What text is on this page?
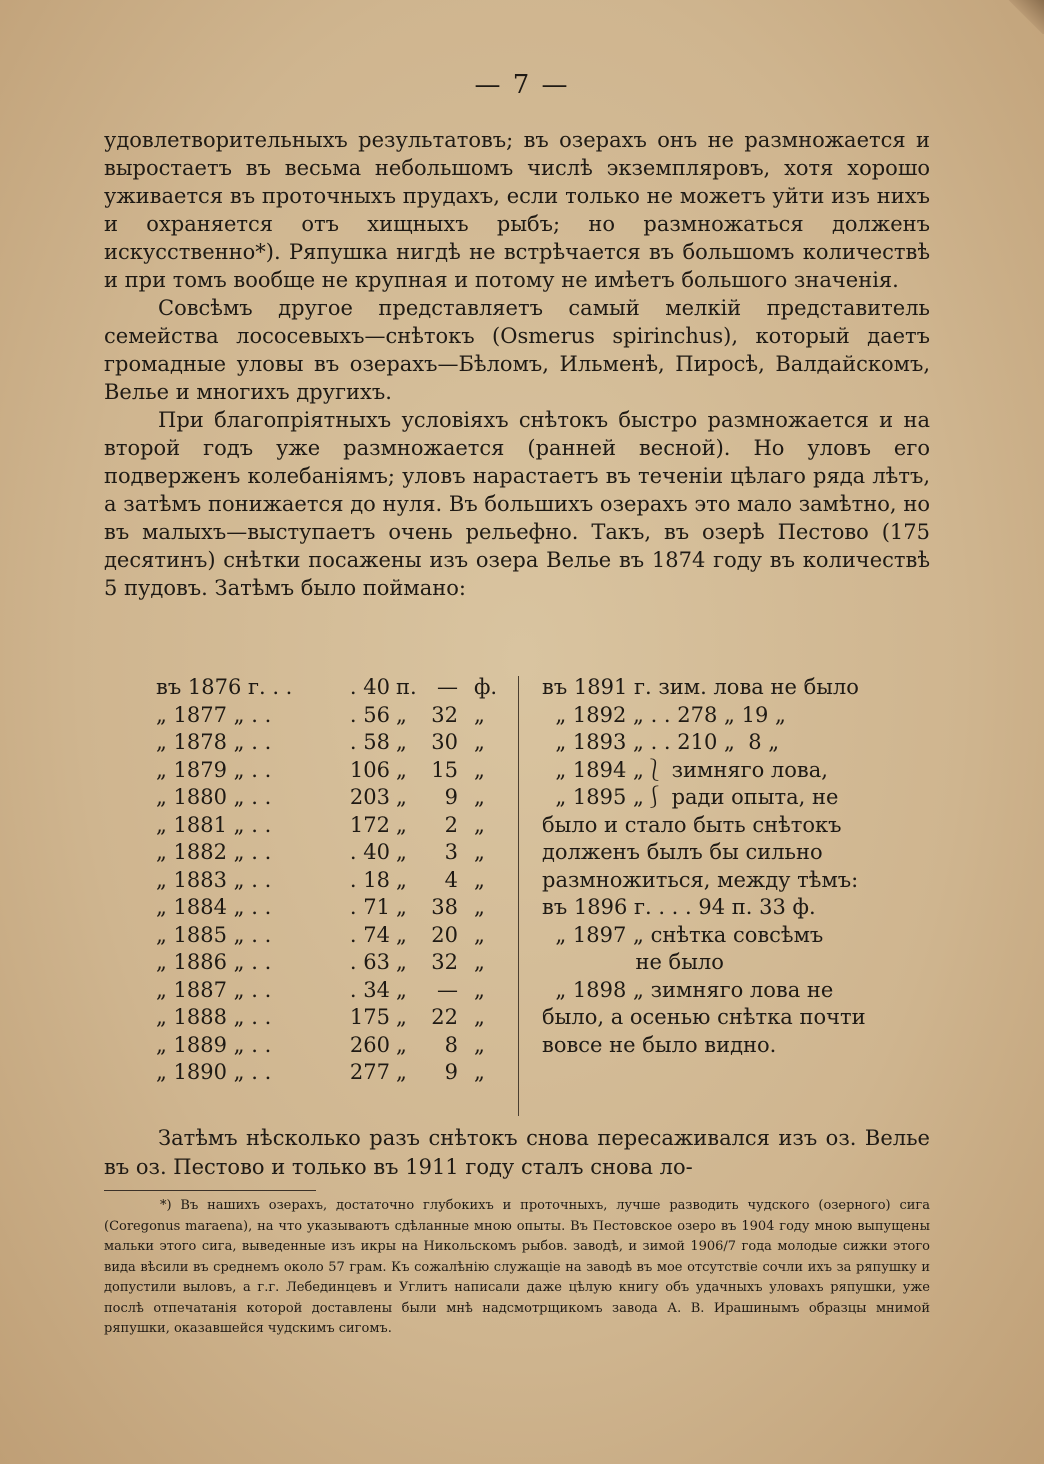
— 7 —

удовлетворительныхъ результатовъ; въ озерахъ онъ не размножается и выростаетъ въ весьма небольшомъ числѣ экземпляровъ, хотя хорошо уживается въ проточныхъ прудахъ, если только не можетъ уйти изъ нихъ и охраняется отъ хищныхъ рыбъ; но размножаться долженъ искусственно*). Ряпушка нигдѣ не встрѣчается въ большомъ количествѣ и при томъ вообще не крупная и потому не имѣетъ большого значенія.

Совсѣмъ другое представляетъ самый мелкій представитель семейства лососевыхъ—снѣтокъ (Osmerus spirinchus), который даетъ громадные уловы въ озерахъ—Бѣломъ, Ильменѣ, Пиросѣ, Валдайскомъ, Велье и многихъ другихъ.

При благопріятныхъ условіяхъ снѣтокъ быстро размножается и на второй годъ уже размножается (ранней весной). Но уловъ его подверженъ колебаніямъ; уловъ нарастаетъ въ теченіи цѣлаго ряда лѣтъ, а затѣмъ понижается до нуля. Въ большихъ озерахъ это мало замѣтно, но въ малыхъ—выступаетъ очень рельефно. Такъ, въ озерѣ Пестово (175 десятинъ) снѣтки посажены изъ озера Велье въ 1874 году въ количествѣ 5 пудовъ. Затѣмъ было поймано:

въ 1876 г. . .	. 40 п. — ф.
„ 1877 „ . .	. 56 „	32 „
„ 1878 „ . .	. 58 „	30 „
„ 1879 „ . .	106 „	15 „
„ 1880 „ . .	203 „	9 „
„ 1881 „ . .	172 „	2 „
„ 1882 „ . .	. 40 „	3 „
„ 1883 „ . .	. 18 „	4 „
„ 1884 „ . .	. 71 „	38 „
„ 1885 „ . .	. 74 „	20 „
„ 1886 „ . .	. 63 „	32 „
„ 1887 „ . .	. 34 „	— „
„ 1888 „ . .	175 „	22 „
„ 1889 „ . .	260 „	8 „
„ 1890 „ . .	277 „	9 „
въ 1891 г. зим. лова не было
„ 1892 „ . . 278 „ 19 „
„ 1893 „ . . 210 „  8 „
„ 1894 „⎱ зимняго лова,
„ 1895 „⎰ ради опыта, не
было и стало быть снѣтокъ
долженъ былъ бы сильно
размножиться, между тѣмъ:
въ 1896 г. . . . 94 п. 33 ф.
„ 1897 „ снѣтка совсѣмъ
не было
„ 1898 „ зимняго лова не
было, а осенью снѣтка почти
вовсе не было видно.

Затѣмъ нѣсколько разъ снѣтокъ снова пересаживался изъ оз. Велье въ оз. Пестово и только въ 1911 году сталъ снова ло-

*) Въ нашихъ озерахъ, достаточно глубокихъ и проточныхъ, лучше разводить чудского (озерного) сига (Coregonus maraena), на что указываютъ сдѣланные мною опыты. Въ Пестовское озеро въ 1904 году мною выпущены мальки этого сига, выведенные изъ икры на Никольскомъ рыбов. заводѣ, и зимой 1906/7 года молодые сижки этого вида вѣсили въ среднемъ около 57 грам. Къ сожалѣнію служащіе на заводѣ въ мое отсутствіе сочли ихъ за ряпушку и допустили выловъ, а г.г. Лебединцевъ и Углитъ написали даже цѣлую книгу объ удачныхъ уловахъ ряпушки, уже послѣ отпечатанія которой доставлены были мнѣ надсмотрщикомъ завода А. В. Ирашинымъ образцы мнимой ряпушки, оказавшейся чудскимъ сигомъ.
